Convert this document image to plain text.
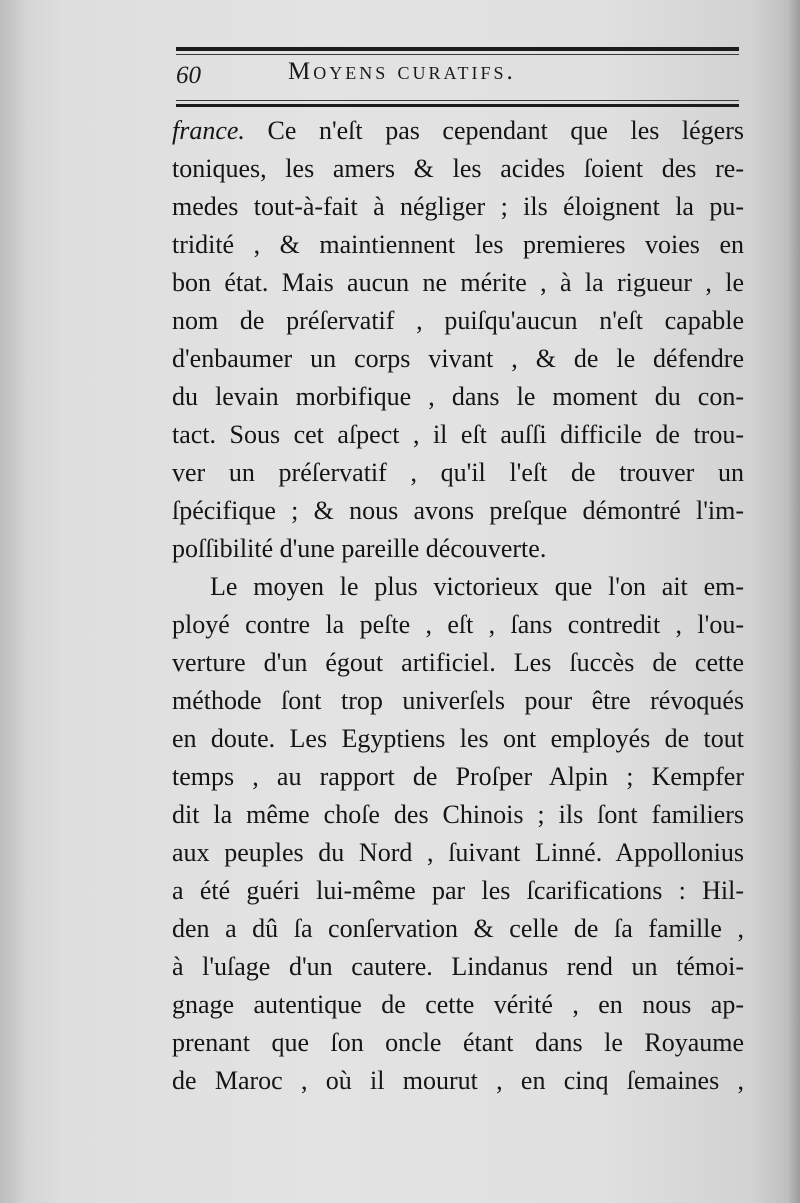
60	Moyens curatifs.
france. Ce n'eſt pas cependant que les légers
toniques, les amers & les acides ſoient des re-
medes tout-à-fait à négliger ; ils éloignent la pu-
tridité , & maintiennent les premieres voies en
bon état. Mais aucun ne mérite , à la rigueur , le
nom de préſervatif , puiſqu'aucun n'eſt capable
d'enbaumer un corps vivant , & de le défendre
du levain morbifique , dans le moment du con-
tact. Sous cet aſpect , il eſt auſſi difficile de trou-
ver un préſervatif , qu'il l'eſt de trouver un
ſpécifique ; & nous avons preſque démontré l'im-
poſſibilité d'une pareille découverte.
Le moyen le plus victorieux que l'on ait em-
ployé contre la peſte , eſt , ſans contredit , l'ou-
verture d'un égout artificiel. Les ſuccès de cette
méthode ſont trop univerſels pour être révoqués
en doute. Les Egyptiens les ont employés de tout
temps , au rapport de Proſper Alpin ; Kempfer
dit la même choſe des Chinois ; ils ſont familiers
aux peuples du Nord , ſuivant Linné. Appollonius
a été guéri lui-même par les ſcarifications : Hil-
den a dû ſa conſervation & celle de ſa famille ,
à l'uſage d'un cautere. Lindanus rend un témoi-
gnage autentique de cette vérité , en nous ap-
prenant que ſon oncle étant dans le Royaume
de Maroc , où il mourut , en cinq ſemaines ,
